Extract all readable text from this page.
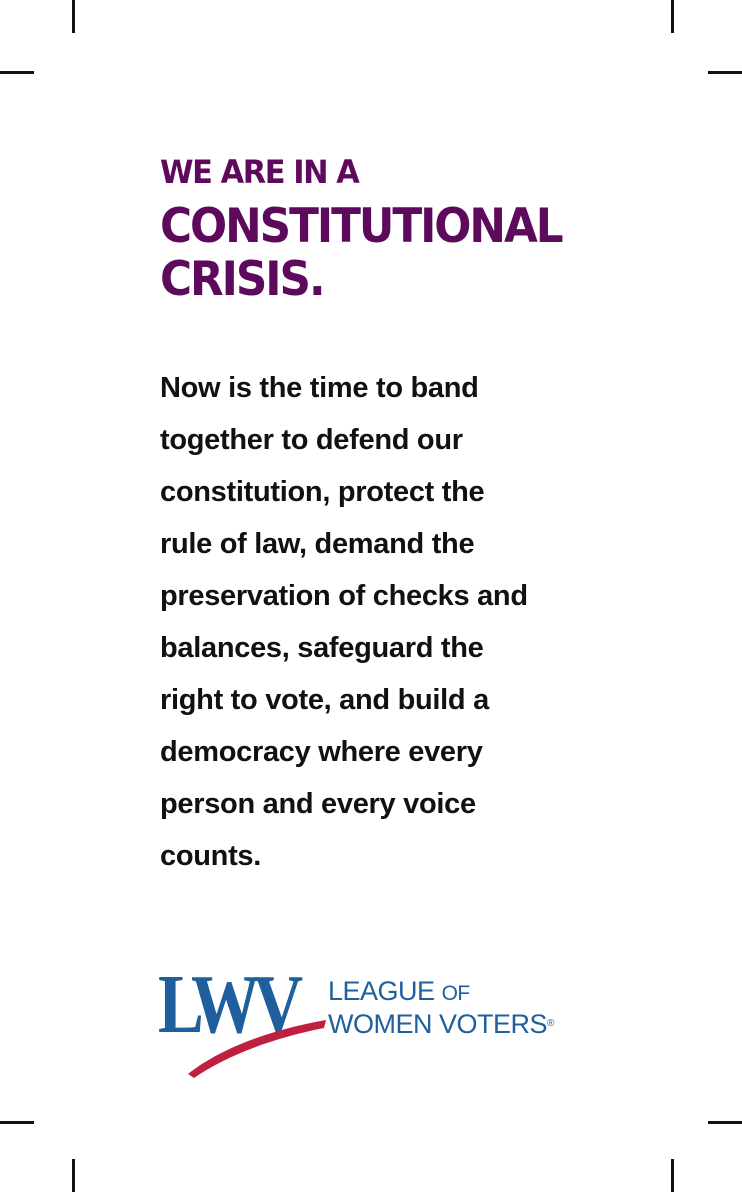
WE ARE IN A

CONSTITUTIONAL
CRISIS.

Now is the time to band
together to defend our
constitution, protect the
rule of law, demand the
preservation of checks and
balances, safeguard the
right to vote, and build a
democracy where every
person and every voice
counts.
LWV LEAGUE OF
WOMEN VOTERS®
